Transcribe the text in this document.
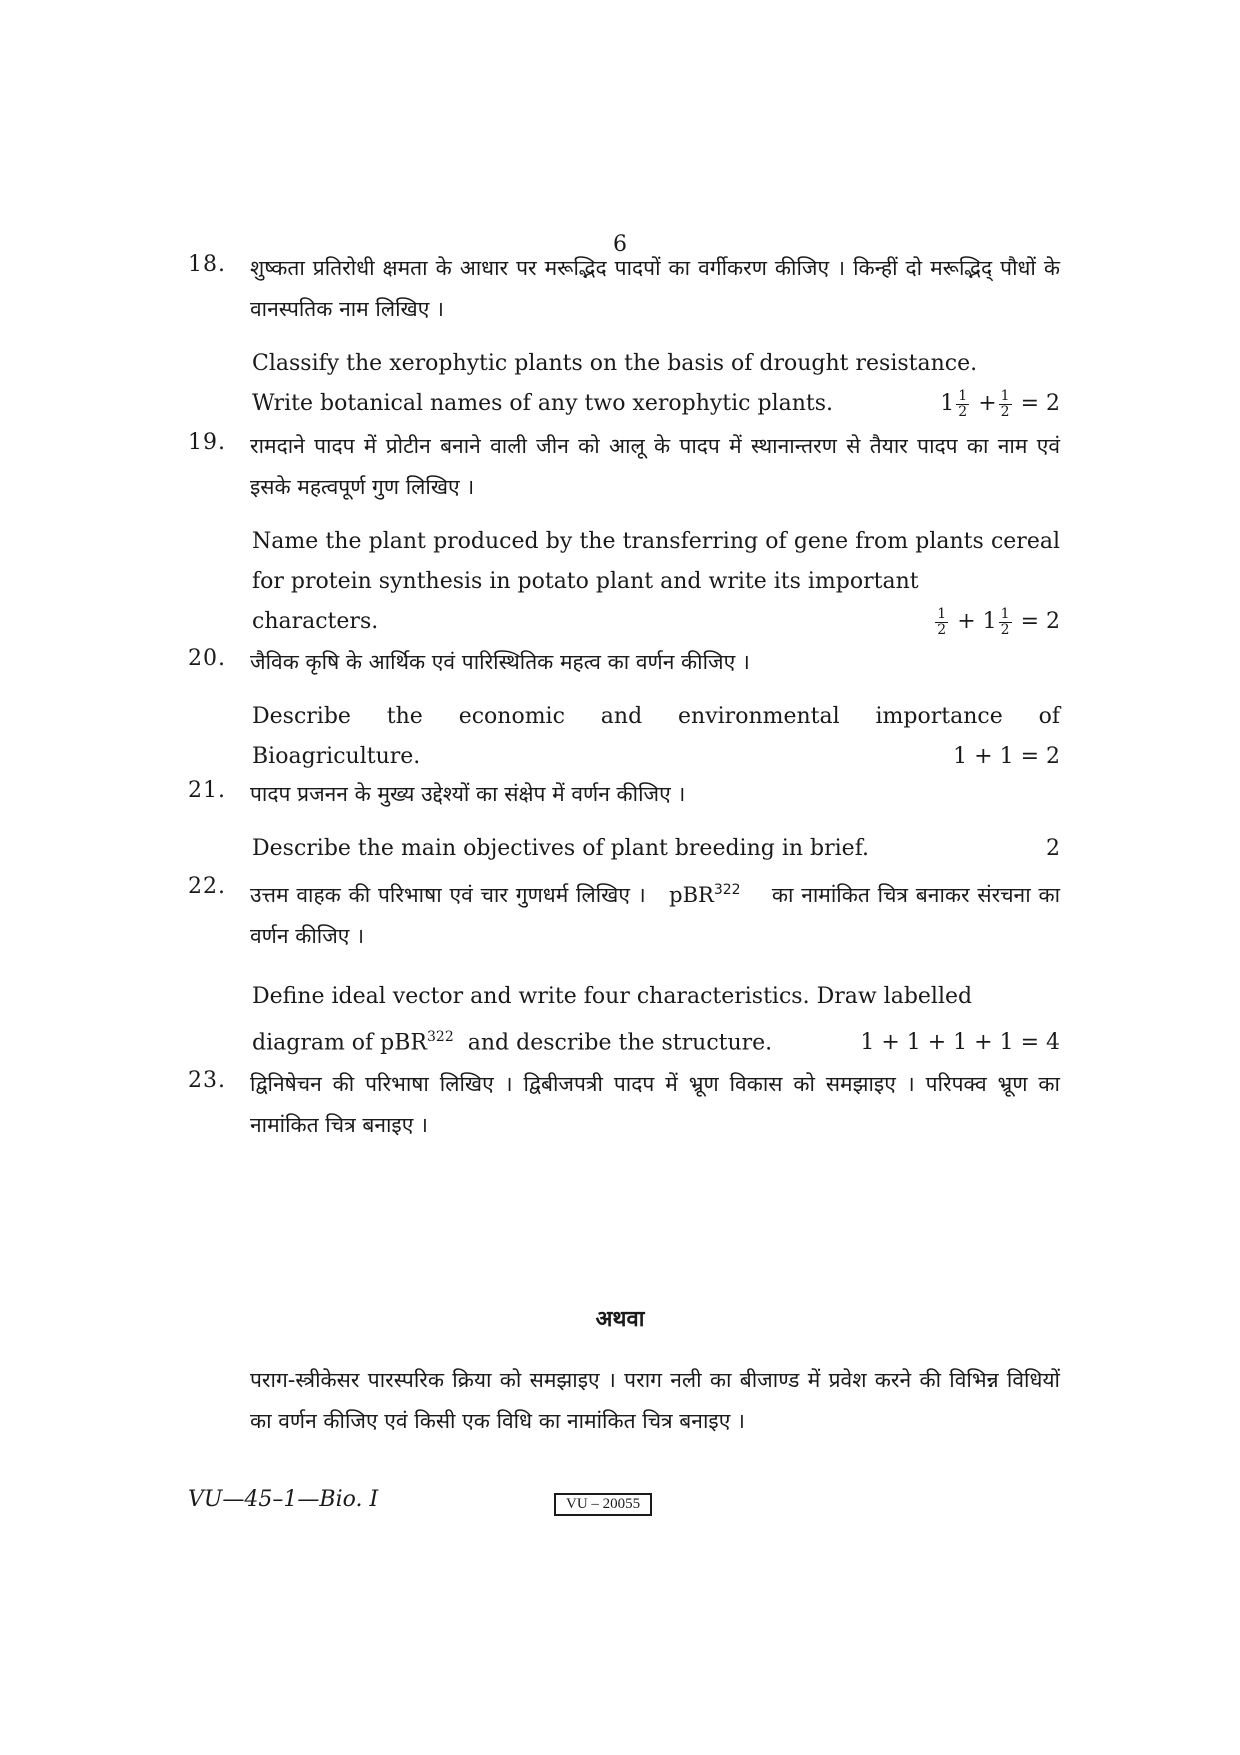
6
18.	शुष्कता प्रतिरोधी क्षमता के आधार पर मरूद्भिद पादपों का वर्गीकरण कीजिए । किन्हीं दो मरूद्भिद् पौधों के वानस्पतिक नाम लिखिए ।
Classify the xerophytic plants on the basis of drought resistance.
Write botanical names of any two xerophytic plants.	$1 \frac{1}{2} + \frac{1}{2} = 2$
19.	रामदाने पादप में प्रोटीन बनाने वाली जीन को आलू के पादप में स्थानान्तरण से तैयार पादप का नाम एवं इसके महत्वपूर्ण गुण लिखिए ।
Name the plant produced by the transferring of gene from plants cereal for protein synthesis in potato plant and write its important
characters.	$\frac{1}{2} + 1 \frac{1}{2} = 2$
20.	जैविक कृषि के आर्थिक एवं पारिस्थितिक महत्व का वर्णन कीजिए ।
Describe the economic and environmental importance of
Bioagriculture.	1 + 1 = 2
21.	पादप प्रजनन के मुख्य उद्देश्यों का संक्षेप में वर्णन कीजिए ।
Describe the main objectives of plant breeding in brief.	2
22.	उत्तम वाहक की परिभाषा एवं चार गुणधर्म लिखिए । pBR$^{322}$ का नामांकित चित्र बनाकर संरचना का वर्णन कीजिए ।
Define ideal vector and write four characteristics. Draw labelled
diagram of pBR$^{322}$ and describe the structure.	1 + 1 + 1 + 1 = 4
23.	द्विनिषेचन की परिभाषा लिखिए । द्विबीजपत्री पादप में भ्रूण विकास को समझाइए । परिपक्व भ्रूण का नामांकित चित्र बनाइए ।
अथवा
पराग-स्त्रीकेसर पारस्परिक क्रिया को समझाइए । पराग नली का बीजाण्ड में प्रवेश करने की विभिन्न विधियों का वर्णन कीजिए एवं किसी एक विधि का नामांकित चित्र बनाइए ।
VU—45–1—Bio. I	VU – 20055
